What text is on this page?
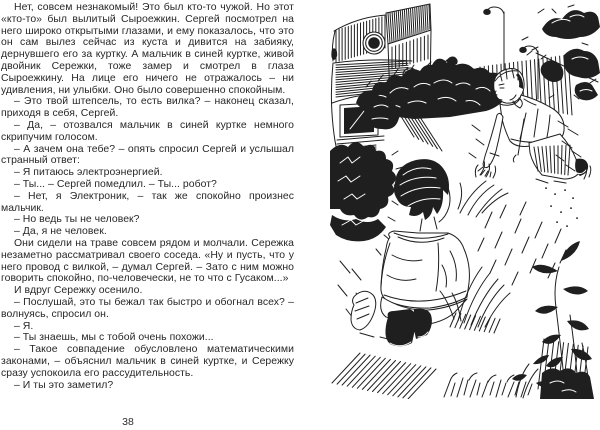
Нет, совсем незнакомый! Это был кто-то чужой. Но этот «кто-то» был вылитый Сыроежкин. Сергей посмотрел на него широко открытыми глазами, и ему показалось, что это он сам вылез сейчас из куста и дивится на забияку, дернувшего его за куртку. А мальчик в синей куртке, живой двойник Сережки, тоже замер и смотрел в глаза Сыроежкину. На лице его ничего не отражалось – ни удивления, ни улыбки. Оно было совершенно спокойным.

– Это твой штепсель, то есть вилка? – наконец сказал, приходя в себя, Сергей.

– Да, – отозвался мальчик в синей куртке немного скрипучим голосом.

– А зачем она тебе? – опять спросил Сергей и услышал странный ответ:

– Я питаюсь электроэнергией.

– Ты... – Сергей помедлил. – Ты... робот?

– Нет, я Электроник, – так же спокойно произнес мальчик.

– Но ведь ты не человек?

– Да, я не человек.

Они сидели на траве совсем рядом и молчали. Сережка незаметно рассматривал своего соседа. «Ну и пусть, что у него провод с вилкой, – думал Сергей. – Зато с ним можно говорить спокойно, по-человечески, не то что с Гусаком...»

И вдруг Сережку осенило.

– Послушай, это ты бежал так быстро и обогнал всех? – волнуясь, спросил он.

– Я.

– Ты знаешь, мы с тобой очень похожи...

– Такое совпадение обусловлено математическими законами, – объяснил мальчик в синей куртке, и Сережку сразу успокоила его рассудительность.

– И ты это заметил?

38
